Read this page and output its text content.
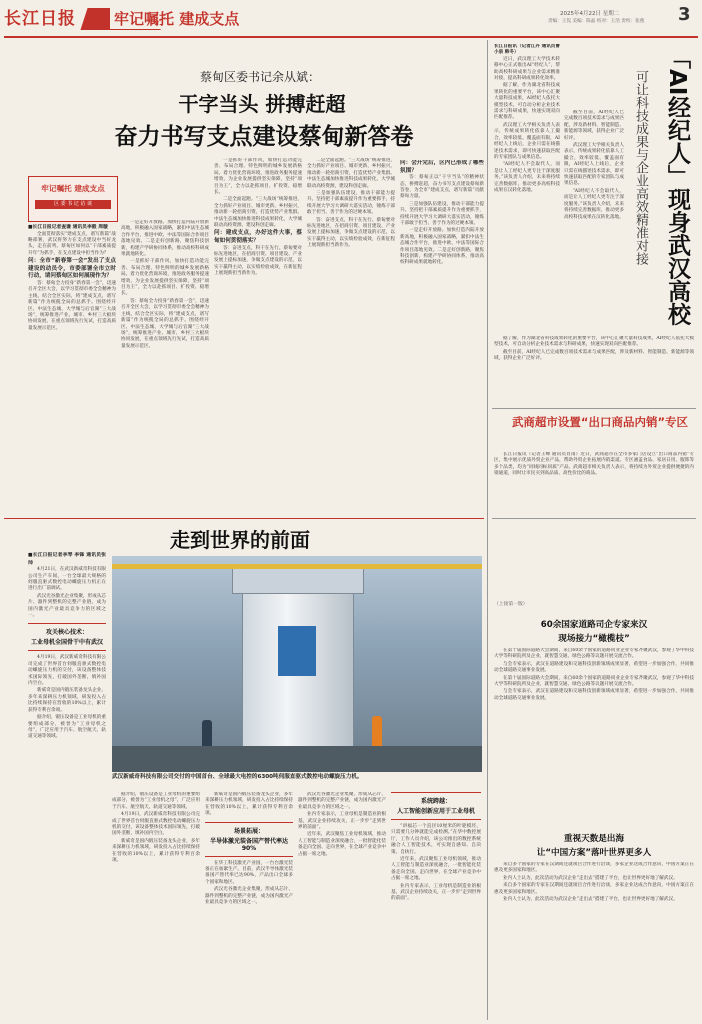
长江日报	牢记嘱托 建成支点	2025年4月22日 星期二
责编：王侃 美编：陈晶 校对：王浩 责校：张燕 3
蔡甸区委书记余从斌：
干字当头 拼搏赶超
奋力书写支点建设蔡甸新答卷
牢记嘱托 建成支点
区 委 书 记 访 谈
■长江日报记者查谦 通讯员李毅 周璇

全面贯彻落实“建成支点，谱写新篇”战略部署，武汉将努力在支点建设中当好龙头，走在前列。蔡甸区如何以“干部素质提升年”为抓手，在支点建设中担当作为？

问：全市“新春第一会”发出了支点建设的动员令，市委部署全市立时行动，请问蔡甸区如何展现作为？

答：蔡甸全力投身“新春第一会”，迅速召开全区大会，以学习贯彻市委全会精神为主线，结合全区实际，将“建成支点，谱写新篇”作为统揽全局的总抓手。围绕经开区、中法生态城、大学城与后官湖“三大战场”，统筹推进产业、城市、乡村三大板块协同发展，在重点领域先行先试，打造高质量发展示范区。

一是走好开放路。加快打造内陆开放新高地，积极融入国家战略，紧扣中法生态城合作平台，推进中欧、中法等国际合作项目落地见效。二是走好创新路，聚焦科技创新，构建产学研协同体系，推动高校科研成果就地转化。

一是抓好干部作风，加快打造功能完善、布局合理、特色鲜明的城乡发展新格局。着力优化营商环境，推进政务服务提速增效，为企业发展提供坚实保障，坚持“项目为王”，全力以赴抓项目、扩投资、稳增长。

答：蔡甸全力投身“新春第一会”，迅速召开全区大会，以学习贯彻市委全会精神为主线，结合全区实际，将“建成支点，谱写新篇”作为统揽全局的总抓手。围绕经开区、中法生态城、大学城与后官湖“三大战场”，统筹推进产业、城市、乡村三大板块协同发展，在重点领域先行先试，打造高质量发展示范区。

一是抓好干部作风，加快打造功能完善、布局合理、特色鲜明的城乡发展新格局。着力优化营商环境，推进政务服务提速增效，为企业发展提供坚实保障，坚持“项目为王”，全力以赴抓项目、扩投资、稳增长。

二是全面起跑。“三大战场”统筹推进，全力抓好产业项目、城市更新、乡村振兴，推动新一轮招商引资，打造优势产业集群。中法生态城加快推进科技成果转化，大学城联动高校资源，建设科创走廊。

问：建成支点，办好这件大事，蔡甸如何贯彻落实？

答：奋进支点，科干在先行。蔡甸要对标先进地区，在招商引资、项目建设、产业发展上提标加速，争做支点建设的示范，以实干赢得主动，以实绩检验成效，在新征程上展现新担当新作为。

二是全面起跑。“三大战场”统筹推进，全力抓好产业项目、城市更新、乡村振兴，推动新一轮招商引资，打造优势产业集群。中法生态城加快推进科技成果转化，大学城联动高校资源，建设科创走廊。

三是加强队伍建设，推动干部能力提升。坚持把干部素质提升作为重要抓手，持续开展大学习大调研大落实活动，锤炼干部敢于担当、善于作为的过硬本领。

答：奋进支点，科干在先行。蔡甸要对标先进地区，在招商引资、项目建设、产业发展上提标加速，争做支点建设的示范，以实干赢得主动，以实绩检验成效，在新征程上展现新担当新作为。

问：会开完后，区内已形成了哪些氛围？

答：蔡甸正以“干字当头”的精神状态，拼搏赶超，奋力书写支点建设蔡甸新答卷，为全市“建成支点，谱写新篇”贡献蔡甸力量。

三是加强队伍建设，推动干部能力提升。坚持把干部素质提升作为重要抓手，持续开展大学习大调研大落实活动，锤炼干部敢于担当、善于作为的过硬本领。

一是走好开放路。加快打造内陆开放新高地，积极融入国家战略，紧扣中法生态城合作平台，推进中欧、中法等国际合作项目落地见效。二是走好创新路，聚焦科技创新，构建产学研协同体系，推动高校科研成果就地转化。

长江日报讯（记者江卉 通讯员曹小泉 韩冬）

近日，武汉理工大学技术转移中心正式推出AI“经纪人”，帮助高校科研成果与企业需求精准对接，提高科研成果转化效率。

据了解，作为湖北省科技成果转化的重要平台，该中心汇聚大量科技成果，AI经纪人依托大模型技术，可自动分析企业技术需求与科研成果，快速实现双向匹配推荐。

武汉理工大学相关负责人表示，传统成果转化依靠人工撮合，效率较低、覆盖面有限，AI经纪人上线后，企业只需在线描述技术需求，即可快速获取匹配的专家团队与成果信息。

“AI经纪人不会取代人，而是让人工经纪人更专注于深度服务。”该负责人介绍，未来将持续完善数据库，推动更多高校科技成果在汉转化落地。	「AI经纪人」现身武汉高校
可让科技成果与企业高效精准对接

截至目前，AI经纪人已完成数百项技术需求与成果匹配，涉及新材料、智能制造、新能源等领域，获得企业广泛好评。

武汉理工大学相关负责人表示，传统成果转化依靠人工撮合，效率较低、覆盖面有限，AI经纪人上线后，企业只需在线描述技术需求，即可快速获取匹配的专家团队与成果信息。

“AI经纪人不会取代人，而是让人工经纪人更专注于深度服务。”该负责人介绍，未来将持续完善数据库，推动更多高校科技成果在汉转化落地。

据了解，作为湖北省科技成果转化的重要平台，该中心汇聚大量科技成果，AI经纪人依托大模型技术，可自动分析企业技术需求与科研成果，快速实现双向匹配推荐。

截至目前，AI经纪人已完成数百项技术需求与成果匹配，涉及新材料、智能制造、新能源等领域，获得企业广泛好评。

武商超市设置“出口商品内销”专区

长江日报讯（记者王峰 通讯员肖雨）近日，武商超市在全市多家门店设立“出口商品内销”专区，集中展示优质外贸企业产品，帮助外贸企业拓展内销渠道。专区涵盖食品、家居日用、服饰等多个品类，均为“同线同标同质”产品。武商超市相关负责人表示，将持续为外贸企业提供便捷的内销通道，同时让市民买到高品质、高性价比的商品。

走到世界的前面
武汉新威奇科技有限公司交付的中国首台、全球最大电控的6300吨伺服直驱式数控电动螺旋压力机。
■长江日报记者李琴 李锋 通讯员张帅

4月21日，在武汉新威奇科技有限公司生产车间，一台全球最大规格的伺服直驱式数控电动螺旋压力机正在进行出厂前调试。

武汉光谷激光企业集聚，形成从芯片、器件到整机的完整产业链，成为国内激光产业最具竞争力的区域之一。

攻关核心技术：
工业母机全国骨干中有武汉

4月19日，武汉新威奇科技有限公司完成了世界首台伺服直驱式数控电动螺旋压力机的交付，该设备整体技术国际领先，打破国外垄断，填补国内空白。

新威奇是国内锻压装备龙头企业，多年来深耕压力机领域，研发投入占比持续保持在营收的10%以上，累计获得专利百余项。

据介绍，锻压设备是工业母机的重要组成部分，被誉为“工业母机之母”，广泛应用于汽车、航空航天、轨道交通等领域。

据介绍，锻压设备是工业母机的重要组成部分，被誉为“工业母机之母”，广泛应用于汽车、航空航天、轨道交通等领域。

4月19日，武汉新威奇科技有限公司完成了世界首台伺服直驱式数控电动螺旋压力机的交付，该设备整体技术国际领先，打破国外垄断，填补国内空白。

新威奇是国内锻压装备龙头企业，多年来深耕压力机领域，研发投入占比持续保持在营收的10%以上，累计获得专利百余项。

新威奇是国内锻压装备龙头企业，多年来深耕压力机领域，研发投入占比持续保持在营收的10%以上，累计获得专利百余项。

场景拓展：
半导体激光装备国产替代率达90%

在华工科技激光产业园，一台台激光装备正在加紧生产。目前，武汉半导体激光装备国产替代率已达90%，产品出口全球多个国家和地区。

武汉光谷激光企业集聚，形成从芯片、器件到整机的完整产业链，成为国内激光产业最具竞争力的区域之一。

武汉光谷激光企业集聚，形成从芯片、器件到整机的完整产业链，成为国内激光产业最具竞争力的区域之一。

业内专家表示，工业母机是制造业的根基，武汉企业持续攻关，正一步步“走到世界的前面”。

近年来，武汉聚焦工业母机领域，推动人工智能与制造业深度融合，一批智能化装备走向全国、走向世界，在全球产业竞争中占据一席之地。

系统跨越：
人工智能创新应用于工业母机

“讲福芯一个直径10厘米的叶轮模坯，只需要几分钟就能完成检测。”在华中数控展厅，工作人员介绍，该公司推出的数控系统融合人工智能技术，可实现自感知、自决策、自执行。

近年来，武汉聚焦工业母机领域，推动人工智能与制造业深度融合，一批智能化装备走向全国、走向世界，在全球产业竞争中占据一席之地。

业内专家表示，工业母机是制造业的根基，武汉企业持续攻关，正一步步“走到世界的前面”。

（上接第一版）
60余国家道路司企专家来汉
现场接力“橄榄枝”

在第十届国际道路大会期间，来自60余个国家的道路同业企业专家齐聚武汉，参观了华中科技大学等科研院所及企业，就智慧交通、绿色公路等议题开展交流合作。

与会专家表示，武汉在道路建设和交通科技创新领域成果显著，希望进一步加强合作，共同推动全球道路交通事业发展。

在第十届国际道路大会期间，来自60余个国家的道路同业企业专家齐聚武汉，参观了华中科技大学等科研院所及企业，就智慧交通、绿色公路等议题开展交流合作。

与会专家表示，武汉在道路建设和交通科技创新领域成果显著，希望进一步加强合作，共同推动全球道路交通事业发展。

重视天数是出海
让“中国方案”落叶世界更多人

来自多个国家的专家在汉期间还就项目合作进行洽谈，多家企业达成合作意向，中国方案正在惠及更多国家和地区。

业内人士认为，此次活动为武汉企业“走出去”搭建了平台，也让世界更好地了解武汉。

来自多个国家的专家在汉期间还就项目合作进行洽谈，多家企业达成合作意向，中国方案正在惠及更多国家和地区。

业内人士认为，此次活动为武汉企业“走出去”搭建了平台，也让世界更好地了解武汉。
